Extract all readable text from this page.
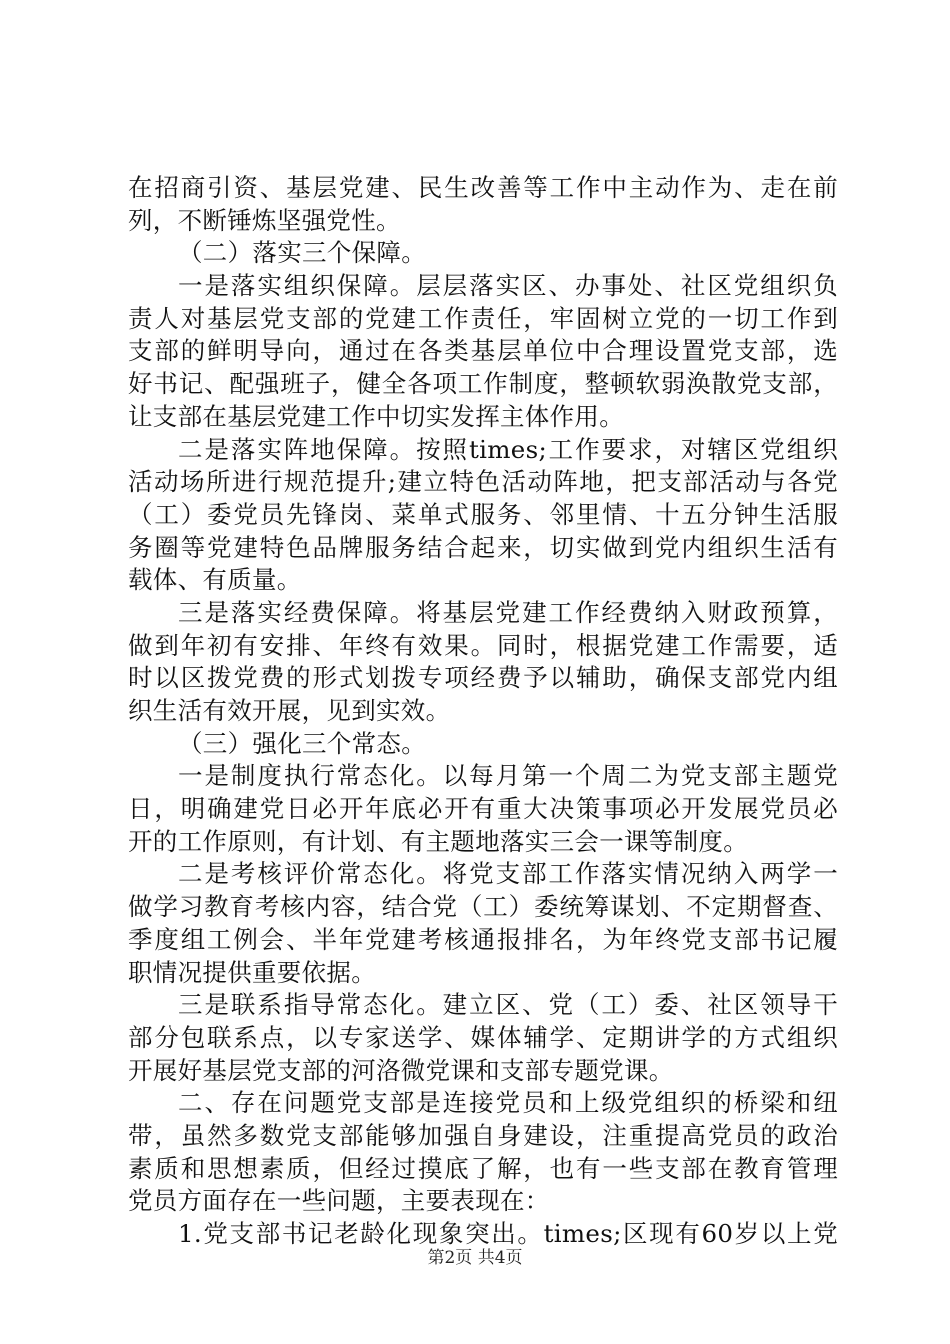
在招商引资、基层党建、民生改善等工作中主动作为、走在前
列，不断锤炼坚强党性。
（二）落实三个保障。
一是落实组织保障。层层落实区、办事处、社区党组织负
责人对基层党支部的党建工作责任，牢固树立党的一切工作到
支部的鲜明导向，通过在各类基层单位中合理设置党支部，选
好书记、配强班子，健全各项工作制度，整顿软弱涣散党支部，
让支部在基层党建工作中切实发挥主体作用。
二是落实阵地保障。按照times;工作要求，对辖区党组织
活动场所进行规范提升;建立特色活动阵地，把支部活动与各党
（工）委党员先锋岗、菜单式服务、邻里情、十五分钟生活服
务圈等党建特色品牌服务结合起来，切实做到党内组织生活有
载体、有质量。
三是落实经费保障。将基层党建工作经费纳入财政预算，
做到年初有安排、年终有效果。同时，根据党建工作需要，适
时以区拨党费的形式划拨专项经费予以辅助，确保支部党内组
织生活有效开展，见到实效。
（三）强化三个常态。
一是制度执行常态化。以每月第一个周二为党支部主题党
日，明确建党日必开年底必开有重大决策事项必开发展党员必
开的工作原则，有计划、有主题地落实三会一课等制度。
二是考核评价常态化。将党支部工作落实情况纳入两学一
做学习教育考核内容，结合党（工）委统筹谋划、不定期督查、
季度组工例会、半年党建考核通报排名，为年终党支部书记履
职情况提供重要依据。
三是联系指导常态化。建立区、党（工）委、社区领导干
部分包联系点，以专家送学、媒体辅学、定期讲学的方式组织
开展好基层党支部的河洛微党课和支部专题党课。
二、存在问题党支部是连接党员和上级党组织的桥梁和纽
带，虽然多数党支部能够加强自身建设，注重提高党员的政治
素质和思想素质，但经过摸底了解，也有一些支部在教育管理
党员方面存在一些问题，主要表现在：
1.党支部书记老龄化现象突出。times;区现有60岁以上党
第2页 共4页
